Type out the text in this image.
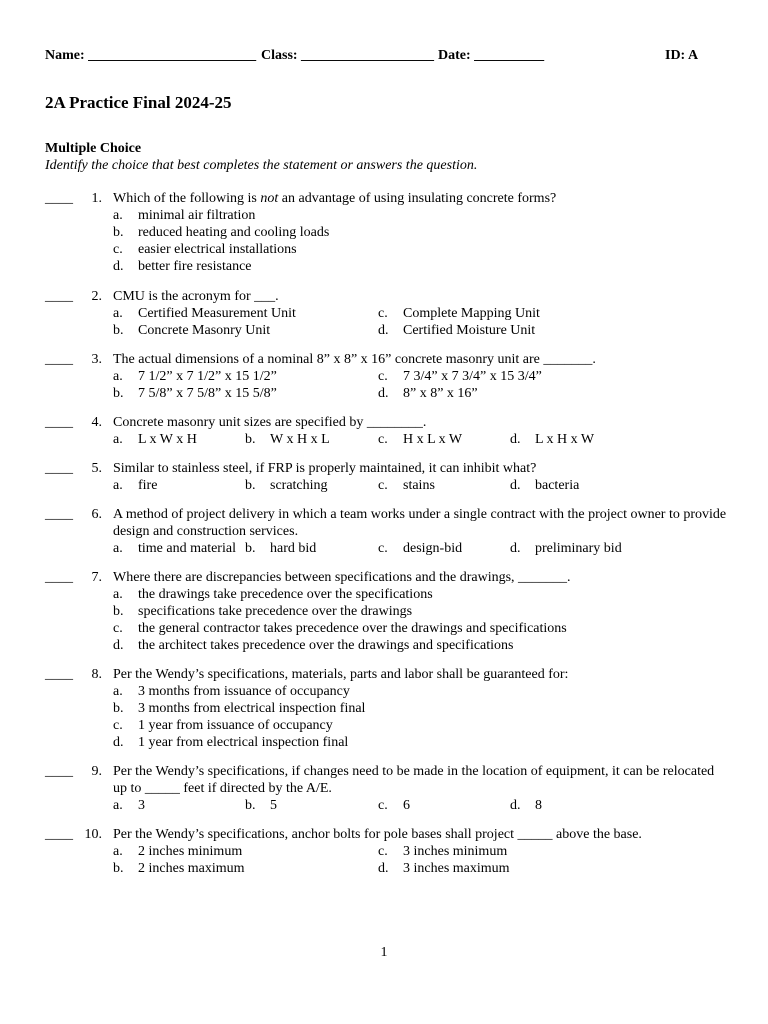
Name: ________________________ Class: ___________________ Date: __________	ID: A
2A Practice Final 2024-25
Multiple Choice
Identify the choice that best completes the statement or answers the question.
____	1. Which of the following is not an advantage of using insulating concrete forms?
a. minimal air filtration
b. reduced heating and cooling loads
c. easier electrical installations
d. better fire resistance
____	2. CMU is the acronym for ___.
a. Certified Measurement Unit	c. Complete Mapping Unit
b. Concrete Masonry Unit	d. Certified Moisture Unit
____	3. The actual dimensions of a nominal 8” x 8” x 16” concrete masonry unit are _______.
a. 7 1/2” x 7 1/2” x 15 1/2”	c. 7 3/4” x 7 3/4” x 15 3/4”
b. 7 5/8” x 7 5/8” x 15 5/8”	d. 8” x 8” x 16”
____	4. Concrete masonry unit sizes are specified by ________.
a. L x W x H	b. W x H x L	c. H x L x W	d. L x H x W
____	5. Similar to stainless steel, if FRP is properly maintained, it can inhibit what?
a. fire	b. scratching	c. stains	d. bacteria
____	6. A method of project delivery in which a team works under a single contract with the project owner to provide design and construction services.
a. time and material b. hard bid	c. design-bid	d. preliminary bid
____	7. Where there are discrepancies between specifications and the drawings, _______.
a. the drawings take precedence over the specifications
b. specifications take precedence over the drawings
c. the general contractor takes precedence over the drawings and specifications
d. the architect takes precedence over the drawings and specifications
____	8. Per the Wendy’s specifications, materials, parts and labor shall be guaranteed for:
a. 3 months from issuance of occupancy
b. 3 months from electrical inspection final
c. 1 year from issuance of occupancy
d. 1 year from electrical inspection final
____	9. Per the Wendy’s specifications, if changes need to be made in the location of equipment, it can be relocated up to _____ feet if directed by the A/E.
a. 3	b. 5	c. 6	d. 8
____ 10. Per the Wendy’s specifications, anchor bolts for pole bases shall project _____ above the base.
a. 2 inches minimum	c. 3 inches minimum
b. 2 inches maximum	d. 3 inches maximum
1
